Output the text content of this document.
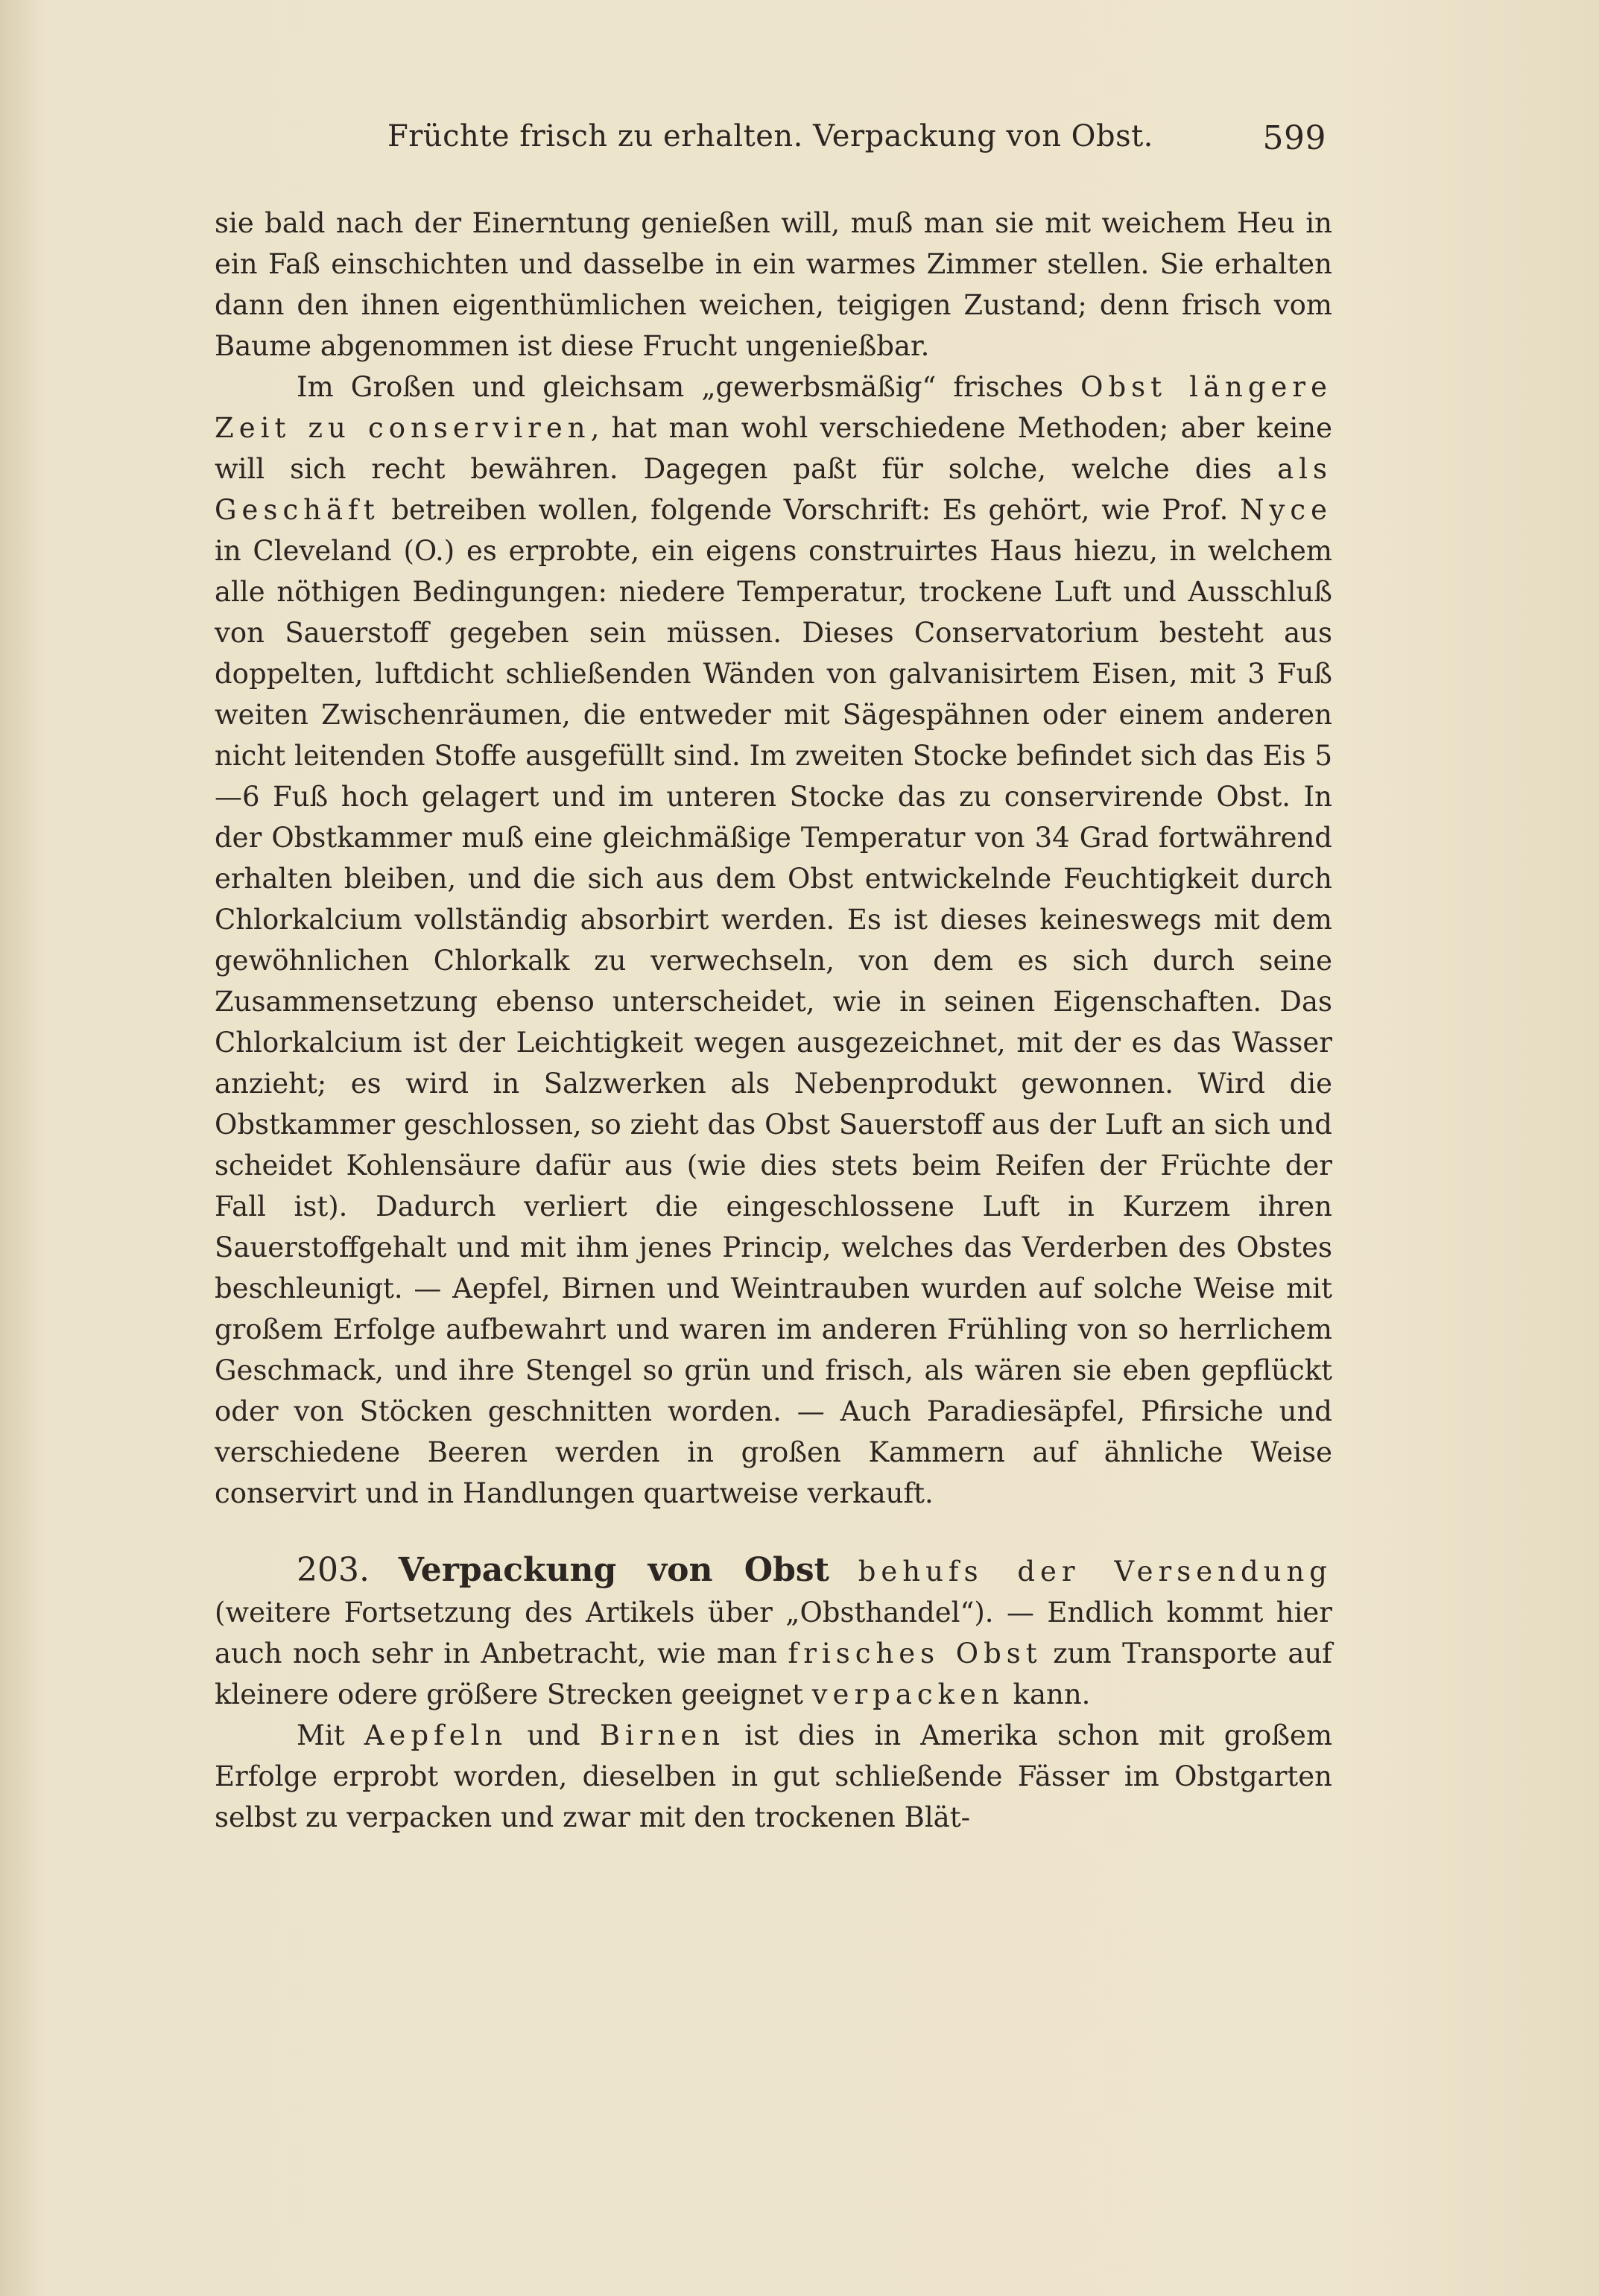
Früchte frisch zu erhalten. Verpackung von Obst.	599

sie bald nach der Einerntung genießen will, muß man sie mit weichem Heu in ein Faß einschichten und dasselbe in ein warmes Zimmer stellen. Sie erhalten dann den ihnen eigenthümlichen weichen, teigigen Zustand; denn frisch vom Baume abgenommen ist diese Frucht ungenießbar.

Im Großen und gleichsam „gewerbsmäßig“ frisches Obst längere Zeit zu conserviren, hat man wohl verschiedene Methoden; aber keine will sich recht bewähren. Dagegen paßt für solche, welche dies als Geschäft betreiben wollen, folgende Vorschrift: Es gehört, wie Prof. Nyce in Cleveland (O.) es erprobte, ein eigens construirtes Haus hiezu, in welchem alle nöthigen Bedingungen: niedere Temperatur, trockene Luft und Ausschluß von Sauerstoff gegeben sein müssen. Dieses Conservatorium besteht aus doppelten, luftdicht schließenden Wänden von galvanisirtem Eisen, mit 3 Fuß weiten Zwischenräumen, die entweder mit Sägespähnen oder einem anderen nicht leitenden Stoffe ausgefüllt sind. Im zweiten Stocke befindet sich das Eis 5—6 Fuß hoch gelagert und im unteren Stocke das zu conservirende Obst. In der Obstkammer muß eine gleichmäßige Temperatur von 34 Grad fortwährend erhalten bleiben, und die sich aus dem Obst entwickelnde Feuchtigkeit durch Chlorkalcium vollständig absorbirt werden. Es ist dieses keineswegs mit dem gewöhnlichen Chlorkalk zu verwechseln, von dem es sich durch seine Zusammensetzung ebenso unterscheidet, wie in seinen Eigenschaften. Das Chlorkalcium ist der Leichtigkeit wegen ausgezeichnet, mit der es das Wasser anzieht; es wird in Salzwerken als Nebenprodukt gewonnen. Wird die Obstkammer geschlossen, so zieht das Obst Sauerstoff aus der Luft an sich und scheidet Kohlensäure dafür aus (wie dies stets beim Reifen der Früchte der Fall ist). Dadurch verliert die eingeschlossene Luft in Kurzem ihren Sauerstoffgehalt und mit ihm jenes Princip, welches das Verderben des Obstes beschleunigt. — Aepfel, Birnen und Weintrauben wurden auf solche Weise mit großem Erfolge aufbewahrt und waren im anderen Frühling von so herrlichem Geschmack, und ihre Stengel so grün und frisch, als wären sie eben gepflückt oder von Stöcken geschnitten worden. — Auch Paradiesäpfel, Pfirsiche und verschiedene Beeren werden in großen Kammern auf ähnliche Weise conservirt und in Handlungen quartweise verkauft.

203. Verpackung von Obst behufs der Versendung (weitere Fortsetzung des Artikels über „Obsthandel“). — Endlich kommt hier auch noch sehr in Anbetracht, wie man frisches Obst zum Transporte auf kleinere odere größere Strecken geeignet verpacken kann.

Mit Aepfeln und Birnen ist dies in Amerika schon mit großem Erfolge erprobt worden, dieselben in gut schließende Fässer im Obstgarten selbst zu verpacken und zwar mit den trockenen Blät-
